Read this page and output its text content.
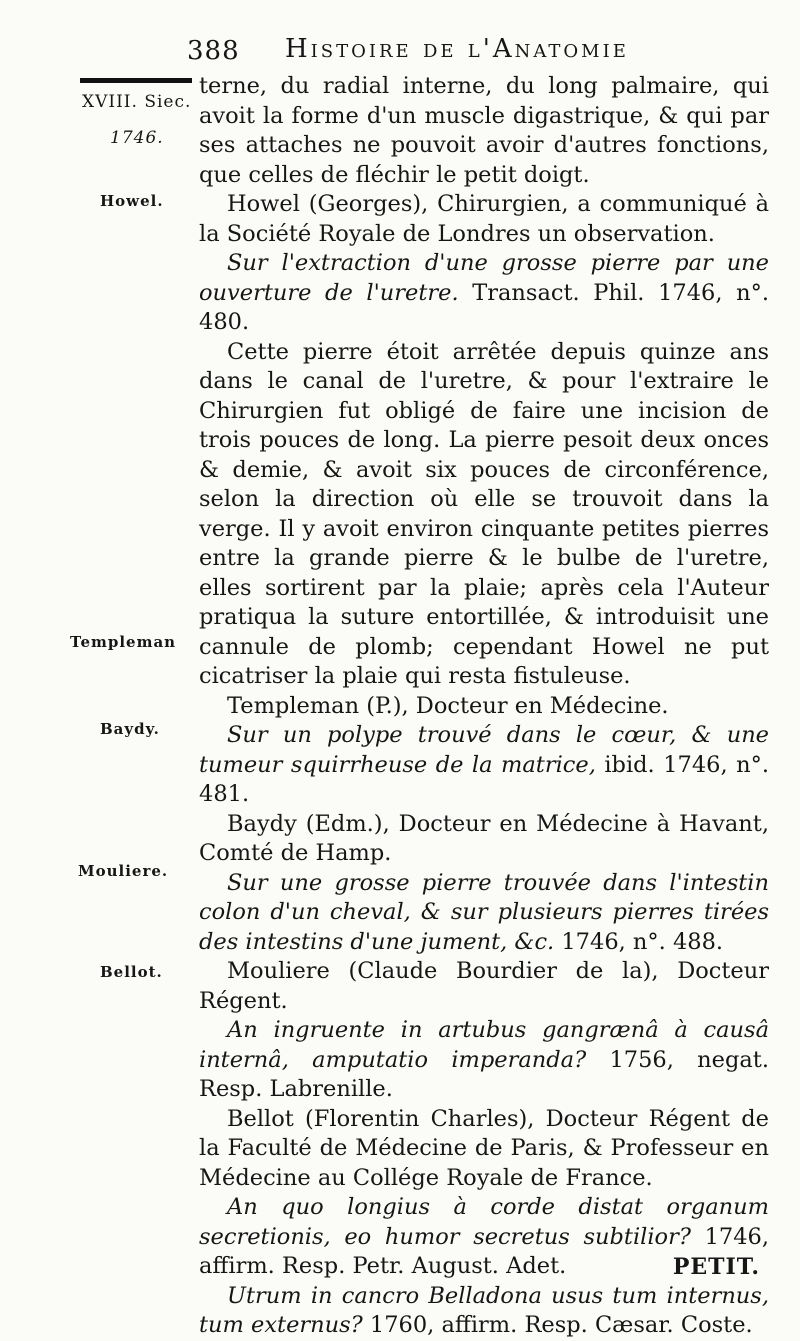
388 Histoire de l'Anatomie
XVIII. Siec.
1746.
Howel.
Templeman
Baydy.
Mouliere.
Bellot.

terne, du radial interne, du long palmaire, qui avoit la forme d'un muscle digastrique, & qui par ses attaches ne pouvoit avoir d'autres fonctions, que celles de fléchir le petit doigt.

Howel (Georges), Chirurgien, a communiqué à la Société Royale de Londres un observation.

Sur l'extraction d'une grosse pierre par une ouverture de l'uretre. Transact. Phil. 1746, n°. 480.

Cette pierre étoit arrêtée depuis quinze ans dans le canal de l'uretre, & pour l'extraire le Chirurgien fut obligé de faire une incision de trois pouces de long. La pierre pesoit deux onces & demie, & avoit six pouces de circonférence, selon la direction où elle se trouvoit dans la verge. Il y avoit environ cinquante petites pierres entre la grande pierre & le bulbe de l'uretre, elles sortirent par la plaie; après cela l'Auteur pratiqua la suture entortillée, & introduisit une cannule de plomb; cependant Howel ne put cicatriser la plaie qui resta fistuleuse.

Templeman (P.), Docteur en Médecine.

Sur un polype trouvé dans le cœur, & une tumeur squirrheuse de la matrice, ibid. 1746, n°. 481.

Baydy (Edm.), Docteur en Médecine à Havant, Comté de Hamp.

Sur une grosse pierre trouvée dans l'intestin colon d'un cheval, & sur plusieurs pierres tirées des intestins d'une jument, &c. 1746, n°. 488.

Mouliere (Claude Bourdier de la), Docteur Régent.

An ingruente in artubus gangrænâ à causâ internâ, amputatio imperanda? 1756, negat. Resp. Labrenille.

Bellot (Florentin Charles), Docteur Régent de la Faculté de Médecine de Paris, & Professeur en Médecine au Collége Royale de France.

An quo longius à corde distat organum secretionis, eo humor secretus subtilior? 1746, affirm. Resp. Petr. August. Adet.

Utrum in cancro Belladona usus tum internus, tum externus? 1760, affirm. Resp. Cæsar. Coste.

PETIT.
